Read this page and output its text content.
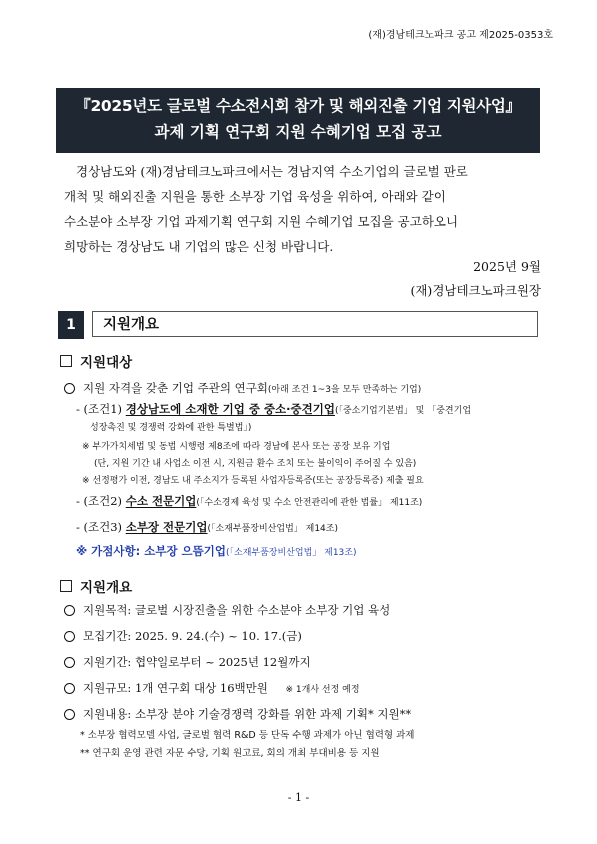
(재)경남테크노파크 공고 제2025-0353호
『2025년도 글로벌 수소전시회 참가 및 해외진출 기업 지원사업』
과제 기획 연구회 지원 수혜기업 모집 공고
경상남도와 (재)경남테크노파크에서는 경남지역 수소기업의 글로벌 판로
개척 및 해외진출 지원을 통한 소부장 기업 육성을 위하여, 아래와 같이
수소분야 소부장 기업 과제기획 연구회 지원 수혜기업 모집을 공고하오니
희망하는 경상남도 내 기업의 많은 신청 바랍니다.
2025년 9월
(재)경남테크노파크원장
1	지원개요
지원대상
지원 자격을 갖춘 기업 주관의 연구회(아래 조건 1~3을 모두 만족하는 기업)
- (조건1) 경상남도에 소재한 기업 중 중소·중견기업(「중소기업기본법」 및 「중견기업
성장촉진 및 경쟁력 강화에 관한 특별법」)
※ 부가가치세법 및 동법 시행령 제8조에 따라 경남에 본사 또는 공장 보유 기업
(단, 지원 기간 내 사업소 이전 시, 지원금 환수 조치 또는 불이익이 주어질 수 있음)
※ 선정평가 이전, 경남도 내 주소지가 등록된 사업자등록증(또는 공장등록증) 제출 필요
- (조건2) 수소 전문기업(「수소경제 육성 및 수소 안전관리에 관한 법률」 제11조)
- (조건3) 소부장 전문기업(「소재부품장비산업법」 제14조)
※ 가점사항: 소부장 으뜸기업(「소재부품장비산업법」 제13조)
지원개요
지원목적: 글로벌 시장진출을 위한 수소분야 소부장 기업 육성
모집기간: 2025. 9. 24.(수) ~ 10. 17.(금)
지원기간: 협약일로부터 ~ 2025년 12월까지
지원규모: 1개 연구회 대상 16백만원 ※ 1개사 선정 예정
지원내용: 소부장 분야 기술경쟁력 강화를 위한 과제 기획* 지원**
* 소부장 협력모델 사업, 글로벌 협력 R&D 등 단독 수행 과제가 아닌 협력형 과제
** 연구회 운영 관련 자문 수당, 기획 원고료, 회의 개최 부대비용 등 지원
- 1 -
